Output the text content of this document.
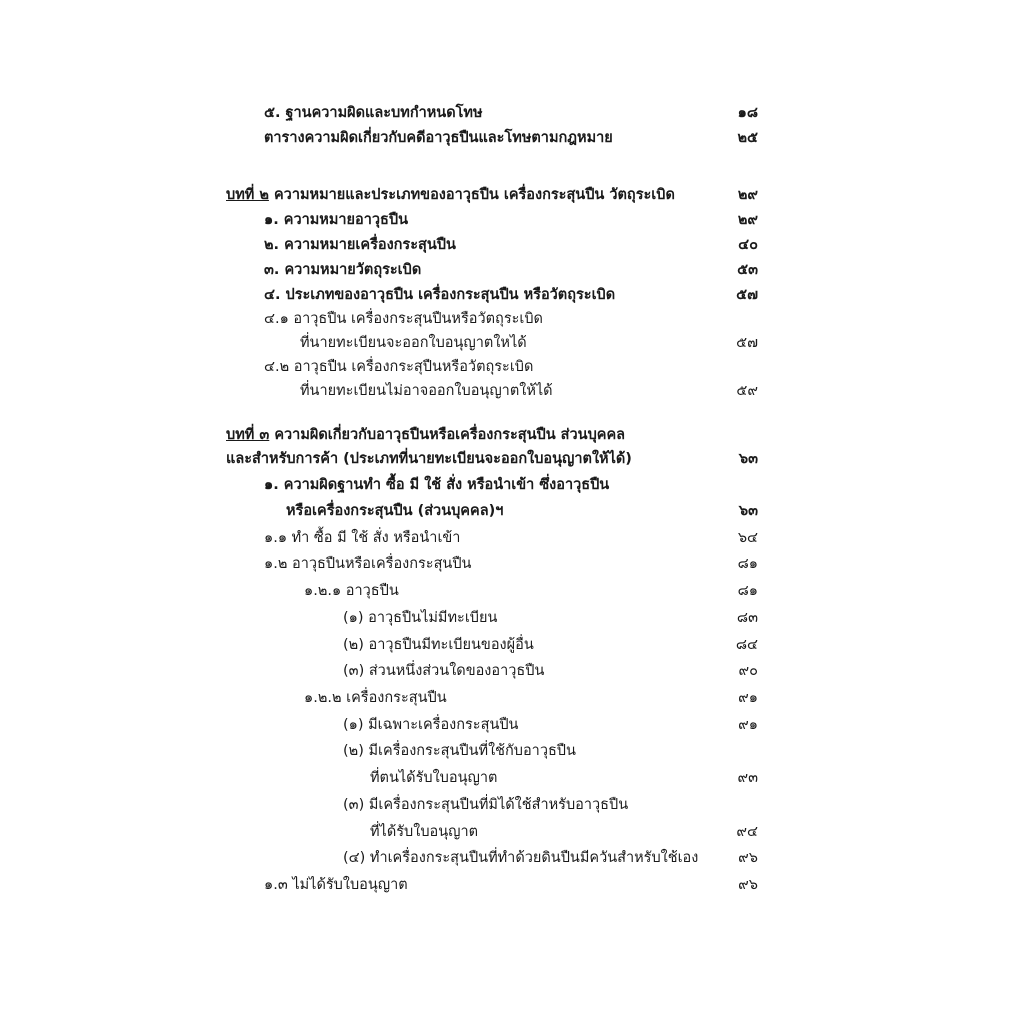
๕. ฐานความผิดและบทกำหนดโทษ	๑๘
ตารางความผิดเกี่ยวกับคดีอาวุธปืนและโทษตามกฎหมาย	๒๕
บทที่ ๒ ความหมายและประเภทของอาวุธปืน เครื่องกระสุนปืน วัตถุระเบิด	๒๙
๑. ความหมายอาวุธปืน	๒๙
๒. ความหมายเครื่องกระสุนปืน	๔๐
๓. ความหมายวัตถุระเบิด	๕๓
๔. ประเภทของอาวุธปืน เครื่องกระสุนปืน หรือวัตถุระเบิด	๕๗
๔.๑ อาวุธปืน เครื่องกระสุนปืนหรือวัตถุระเบิด
ที่นายทะเบียนจะออกใบอนุญาตใหได้	๕๗
๔.๒ อาวุธปืน เครื่องกระสุปืนหรือวัตถุระเบิด
ที่นายทะเบียนไม่อาจออกใบอนุญาตให้ได้	๕๙
บทที่ ๓ ความผิดเกี่ยวกับอาวุธปืนหรือเครื่องกระสุนปืน ส่วนบุคคล
และสำหรับการค้า (ประเภทที่นายทะเบียนจะออกใบอนุญาตให้ได้)	๖๓
๑. ความผิดฐานทำ ซื้อ มี ใช้ สั่ง หรือนำเข้า ซึ่งอาวุธปืน
หรือเครื่องกระสุนปืน (ส่วนบุคคล)ฯ	๖๓
๑.๑ ทำ ซื้อ มี ใช้ สั่ง หรือนำเข้า	๖๔
๑.๒ อาวุธปืนหรือเครื่องกระสุนปืน	๘๑
๑.๒.๑ อาวุธปืน	๘๑
(๑) อาวุธปืนไม่มีทะเบียน	๘๓
(๒) อาวุธปืนมีทะเบียนของผู้อื่น	๘๔
(๓) ส่วนหนึ่งส่วนใดของอาวุธปืน	๙๐
๑.๒.๒ เครื่องกระสุนปืน	๙๑
(๑) มีเฉพาะเครื่องกระสุนปืน	๙๑
(๒) มีเครื่องกระสุนปืนที่ใช้กับอาวุธปืน
ที่ตนได้รับใบอนุญาต	๙๓
(๓) มีเครื่องกระสุนปืนที่มิได้ใช้สำหรับอาวุธปืน
ที่ได้รับใบอนุญาต	๙๔
(๔) ทำเครื่องกระสุนปืนที่ทำด้วยดินปืนมีควันสำหรับใช้เอง	๙๖
๑.๓ ไม่ได้รับใบอนุญาต	๙๖
